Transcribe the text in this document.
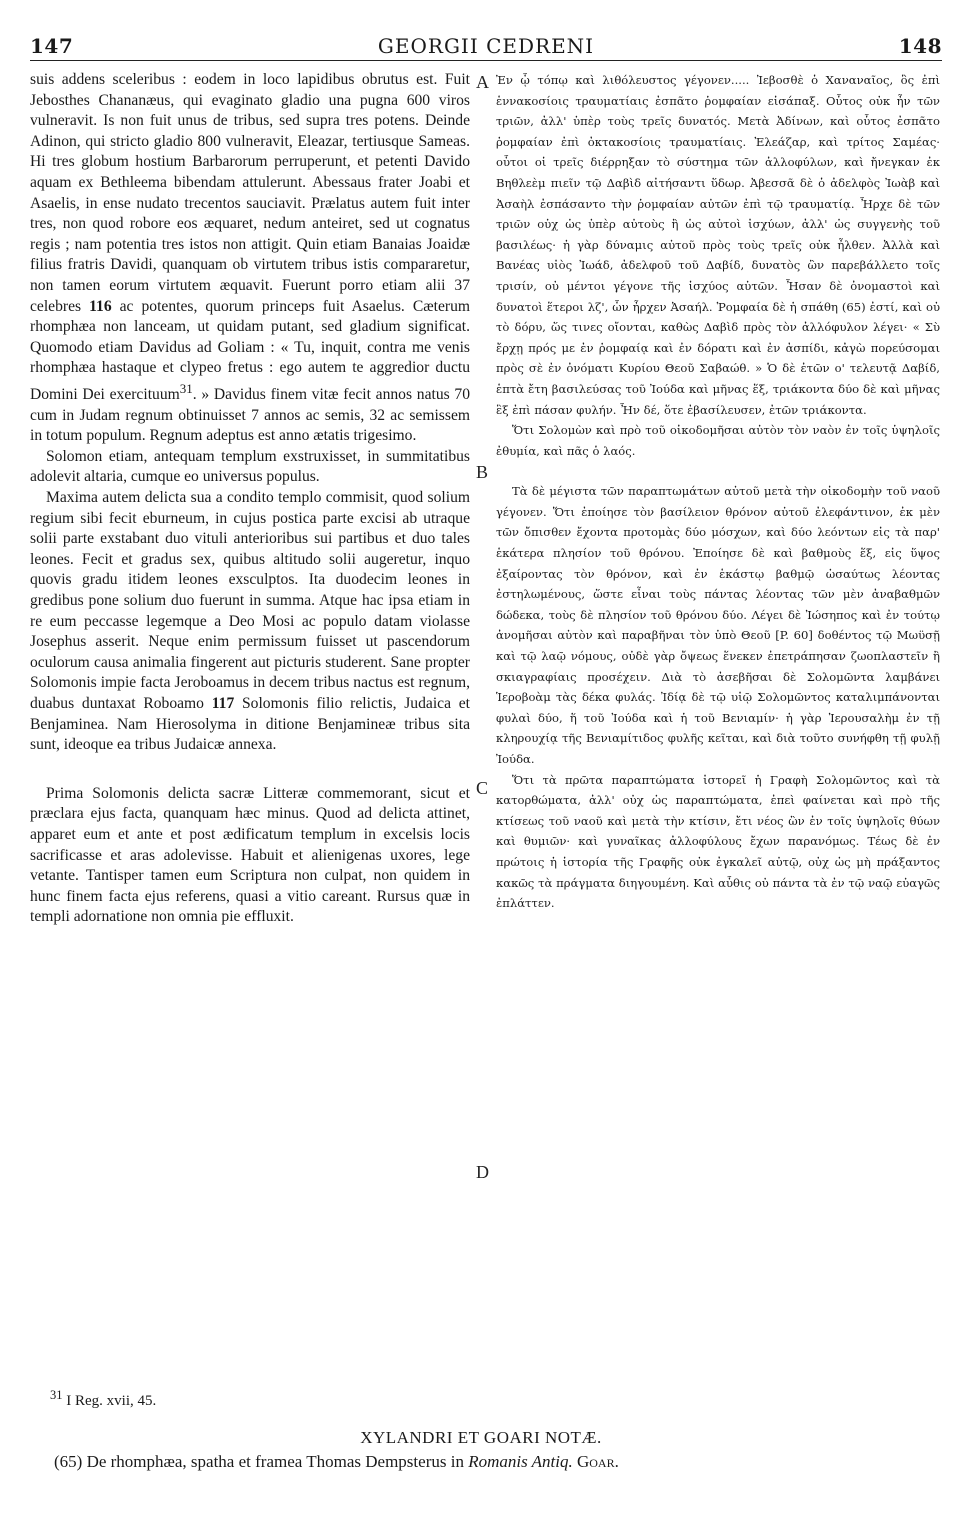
147	GEORGII CEDRENI	148

suis addens sceleribus : eodem in loco lapidibus obrutus est. Fuit Jebosthes Chananæus, qui evaginato gladio una pugna 600 viros vulneravit. Is non fuit unus de tribus, sed supra tres potens. Deinde Adinon, qui stricto gladio 800 vulneravit, Eleazar, tertiusque Sameas. Hi tres globum hostium Barbarorum perruperunt, et petenti Davido aquam ex Bethleema bibendam attulerunt. Abessaus frater Joabi et Asaelis, in ense nudato trecentos sauciavit. Prælatus autem fuit inter tres, non quod robore eos æquaret, nedum anteiret, sed ut cognatus regis ; nam potentia tres istos non attigit. Quin etiam Banaias Joaidæ filius fratris Davidi, quanquam ob virtutem tribus istis compararetur, non tamen eorum virtutem æquavit. Fuerunt porro etiam alii 37 celebres 116 ac potentes, quorum princeps fuit Asaelus. Cæterum rhomphæa non lanceam, ut quidam putant, sed gladium significat. Quomodo etiam Davidus ad Goliam : « Tu, inquit, contra me venis rhomphæa hastaque et clypeo fretus : ego autem te aggredior ductu Domini Dei exercituum$^{31}$. » Davidus finem vitæ fecit annos natus 70 cum in Judam regnum obtinuisset 7 annos ac semis, 32 ac semissem in totum populum. Regnum adeptus est anno ætatis trigesimo.

Solomon etiam, antequam templum exstruxisset, in summitatibus adolevit altaria, cumque eo universus populus.

Maxima autem delicta sua a condito templo commisit, quod solium regium sibi fecit eburneum, in cujus postica parte excisi ab utraque solii parte exstabant duo vituli anterioribus sui partibus et duo tales leones. Fecit et gradus sex, quibus altitudo solii augeretur, inquo quovis gradu itidem leones exsculptos. Ita duodecim leones in gredibus pone solium duo fuerunt in summa. Atque hac ipsa etiam in re eum peccasse legemque a Deo Mosi ac populo datam violasse Josephus asserit. Neque enim permissum fuisset ut pascendorum oculorum causa animalia fingerent aut picturis studerent. Sane propter Solomonis impie facta Jeroboamus in decem tribus nactus est regnum, duabus duntaxat Roboamo 117 Solomonis filio relictis, Judaica et Benjaminea. Nam Hierosolyma in ditione Benjamineæ tribus sita sunt, ideoque ea tribus Judaicæ annexa.

Prima Solomonis delicta sacræ Litteræ commemorant, sicut et præclara ejus facta, quanquam hæc minus. Quod ad delicta attinet, apparet eum et ante et post ædificatum templum in excelsis locis sacrificasse et aras adolevisse. Habuit et alienigenas uxores, lege vetante. Tantisper tamen eum Scriptura non culpat, non quidem in hunc finem facta ejus referens, quasi a vitio careant. Rursus quæ in templi adornatione non omnia pie effluxit.

A
B
C
D

Ἐν ᾧ τόπῳ καὶ λιθόλευστος γέγονεν..... Ἰεβοσθὲ ὁ Χαναναῖος, ὃς ἐπὶ ἑννακοσίοις τραυματίαις ἐσπᾶτο ῥομφαίαν εἰσάπαξ. Οὗτος οὐκ ἦν τῶν τριῶν, ἀλλ' ὑπὲρ τοὺς τρεῖς δυνατός. Μετὰ Ἀδίνων, καὶ οὗτος ἐσπᾶτο ῥομφαίαν ἐπὶ ὀκτακοσίοις τραυματίαις. Ἐλεάζαρ, καὶ τρίτος Σαμέας· οὗτοι οἱ τρεῖς διέρρηξαν τὸ σύστημα τῶν ἀλλοφύλων, καὶ ἤνεγκαν ἐκ Βηθλεὲμ πιεῖν τῷ Δαβὶδ αἰτήσαντι ὕδωρ. Ἀβεσσᾶ δὲ ὁ ἀδελφὸς Ἰωὰβ καὶ Ἀσαὴλ ἐσπάσαντο τὴν ῥομφαίαν αὐτῶν ἐπὶ τῷ τραυματίᾳ. Ἦρχε δὲ τῶν τριῶν οὐχ ὡς ὑπὲρ αὐτοὺς ἢ ὡς αὐτοὶ ἰσχύων, ἀλλ' ὡς συγγενὴς τοῦ βασιλέως· ἡ γὰρ δύναμις αὐτοῦ πρὸς τοὺς τρεῖς οὐκ ἦλθεν. Ἀλλὰ καὶ Βανέας υἱὸς Ἰωάδ, ἀδελφοῦ τοῦ Δαβίδ, δυνατὸς ὢν παρεβάλλετο τοῖς τρισίν, οὐ μέντοι γέγονε τῆς ἰσχύος αὐτῶν. Ἦσαν δὲ ὀνομαστοὶ καὶ δυνατοὶ ἕτεροι λζ', ὧν ἦρχεν Ἀσαήλ. Ῥομφαία δὲ ἡ σπάθη (65) ἐστί, καὶ οὐ τὸ δόρυ, ὥς τινες οἴονται, καθὼς Δαβὶδ πρὸς τὸν ἀλλόφυλον λέγει· « Σὺ ἔρχῃ πρός με ἐν ῥομφαίᾳ καὶ ἐν δόρατι καὶ ἐν ἀσπίδι, κἀγὼ πορεύσομαι πρὸς σὲ ἐν ὀνόματι Κυρίου Θεοῦ Σαβαώθ. » Ὁ δὲ ἐτῶν ο' τελευτᾷ Δαβίδ, ἑπτὰ ἔτη βασιλεύσας τοῦ Ἰούδα καὶ μῆνας ἕξ, τριάκοντα δύο δὲ καὶ μῆνας ἓξ ἐπὶ πάσαν φυλήν. Ἦν δέ, ὅτε ἐβασίλευσεν, ἐτῶν τριάκοντα.

Ὅτι Σολομὼν καὶ πρὸ τοῦ οἰκοδομῆσαι αὐτὸν τὸν ναὸν ἐν τοῖς ὑψηλοῖς ἐθυμία, καὶ πᾶς ὁ λαός.

Τὰ δὲ μέγιστα τῶν παραπτωμάτων αὐτοῦ μετὰ τὴν οἰκοδομὴν τοῦ ναοῦ γέγονεν. Ὅτι ἐποίησε τὸν βασίλειον θρόνον αὐτοῦ ἐλεφάντινον, ἐκ μὲν τῶν ὄπισθεν ἔχοντα προτομὰς δύο μόσχων, καὶ δύο λεόντων εἰς τὰ παρ' ἑκάτερα πλησίον τοῦ θρόνου. Ἐποίησε δὲ καὶ βαθμοὺς ἕξ, εἰς ὕψος ἐξαίροντας τὸν θρόνον, καὶ ἐν ἑκάστῳ βαθμῷ ὡσαύτως λέοντας ἐστηλωμένους, ὥστε εἶναι τοὺς πάντας λέοντας τῶν μὲν ἀναβαθμῶν δώδεκα, τοὺς δὲ πλησίον τοῦ θρόνου δύο. Λέγει δὲ Ἰώσηπος καὶ ἐν τούτῳ ἀνομῆσαι αὐτὸν καὶ παραβῆναι τὸν ὑπὸ Θεοῦ [P. 60] δοθέντος τῷ Μωϋσῇ καὶ τῷ λαῷ νόμους, οὐδὲ γὰρ ὄψεως ἕνεκεν ἐπετράπησαν ζωοπλαστεῖν ἢ σκιαγραφίαις προσέχειν. Διὰ τὸ ἀσεβῆσαι δὲ Σολομῶντα λαμβάνει Ἱεροβοὰμ τὰς δέκα φυλάς. Ἰδίᾳ δὲ τῷ υἱῷ Σολομῶντος καταλιμπάνονται φυλαὶ δύο, ἥ τοῦ Ἰούδα καὶ ἡ τοῦ Βενιαμίν· ἡ γὰρ Ἱερουσαλὴμ ἐν τῇ κληρουχίᾳ τῆς Βενιαμίτιδος φυλῆς κεῖται, καὶ διὰ τοῦτο συνήφθη τῇ φυλῇ Ἰούδα.

Ὅτι τὰ πρῶτα παραπτώματα ἱστορεῖ ἡ Γραφὴ Σολομῶντος καὶ τὰ κατορθώματα, ἀλλ' οὐχ ὡς παραπτώματα, ἐπεὶ φαίνεται καὶ πρὸ τῆς κτίσεως τοῦ ναοῦ καὶ μετὰ τὴν κτίσιν, ἔτι νέος ὢν ἐν τοῖς ὑψηλοῖς θύων καὶ θυμιῶν· καὶ γυναῖκας ἀλλοφύλους ἔχων παρανόμως. Τέως δὲ ἐν πρώτοις ἡ ἱστορία τῆς Γραφῆς οὐκ ἐγκαλεῖ αὐτῷ, οὐχ ὡς μὴ πράξαντος κακῶς τὰ πράγματα διηγουμένη. Καὶ αὖθις οὐ πάντα τὰ ἐν τῷ ναῷ εὐαγῶς ἐπλάττεν.

$^{31}$ I Reg. xvii, 45.
XYLANDRI ET GOARI NOTÆ.
(65) De rhomphæa, spatha et framea Thomas Dempsterus in Romanis Antiq. Goar.
